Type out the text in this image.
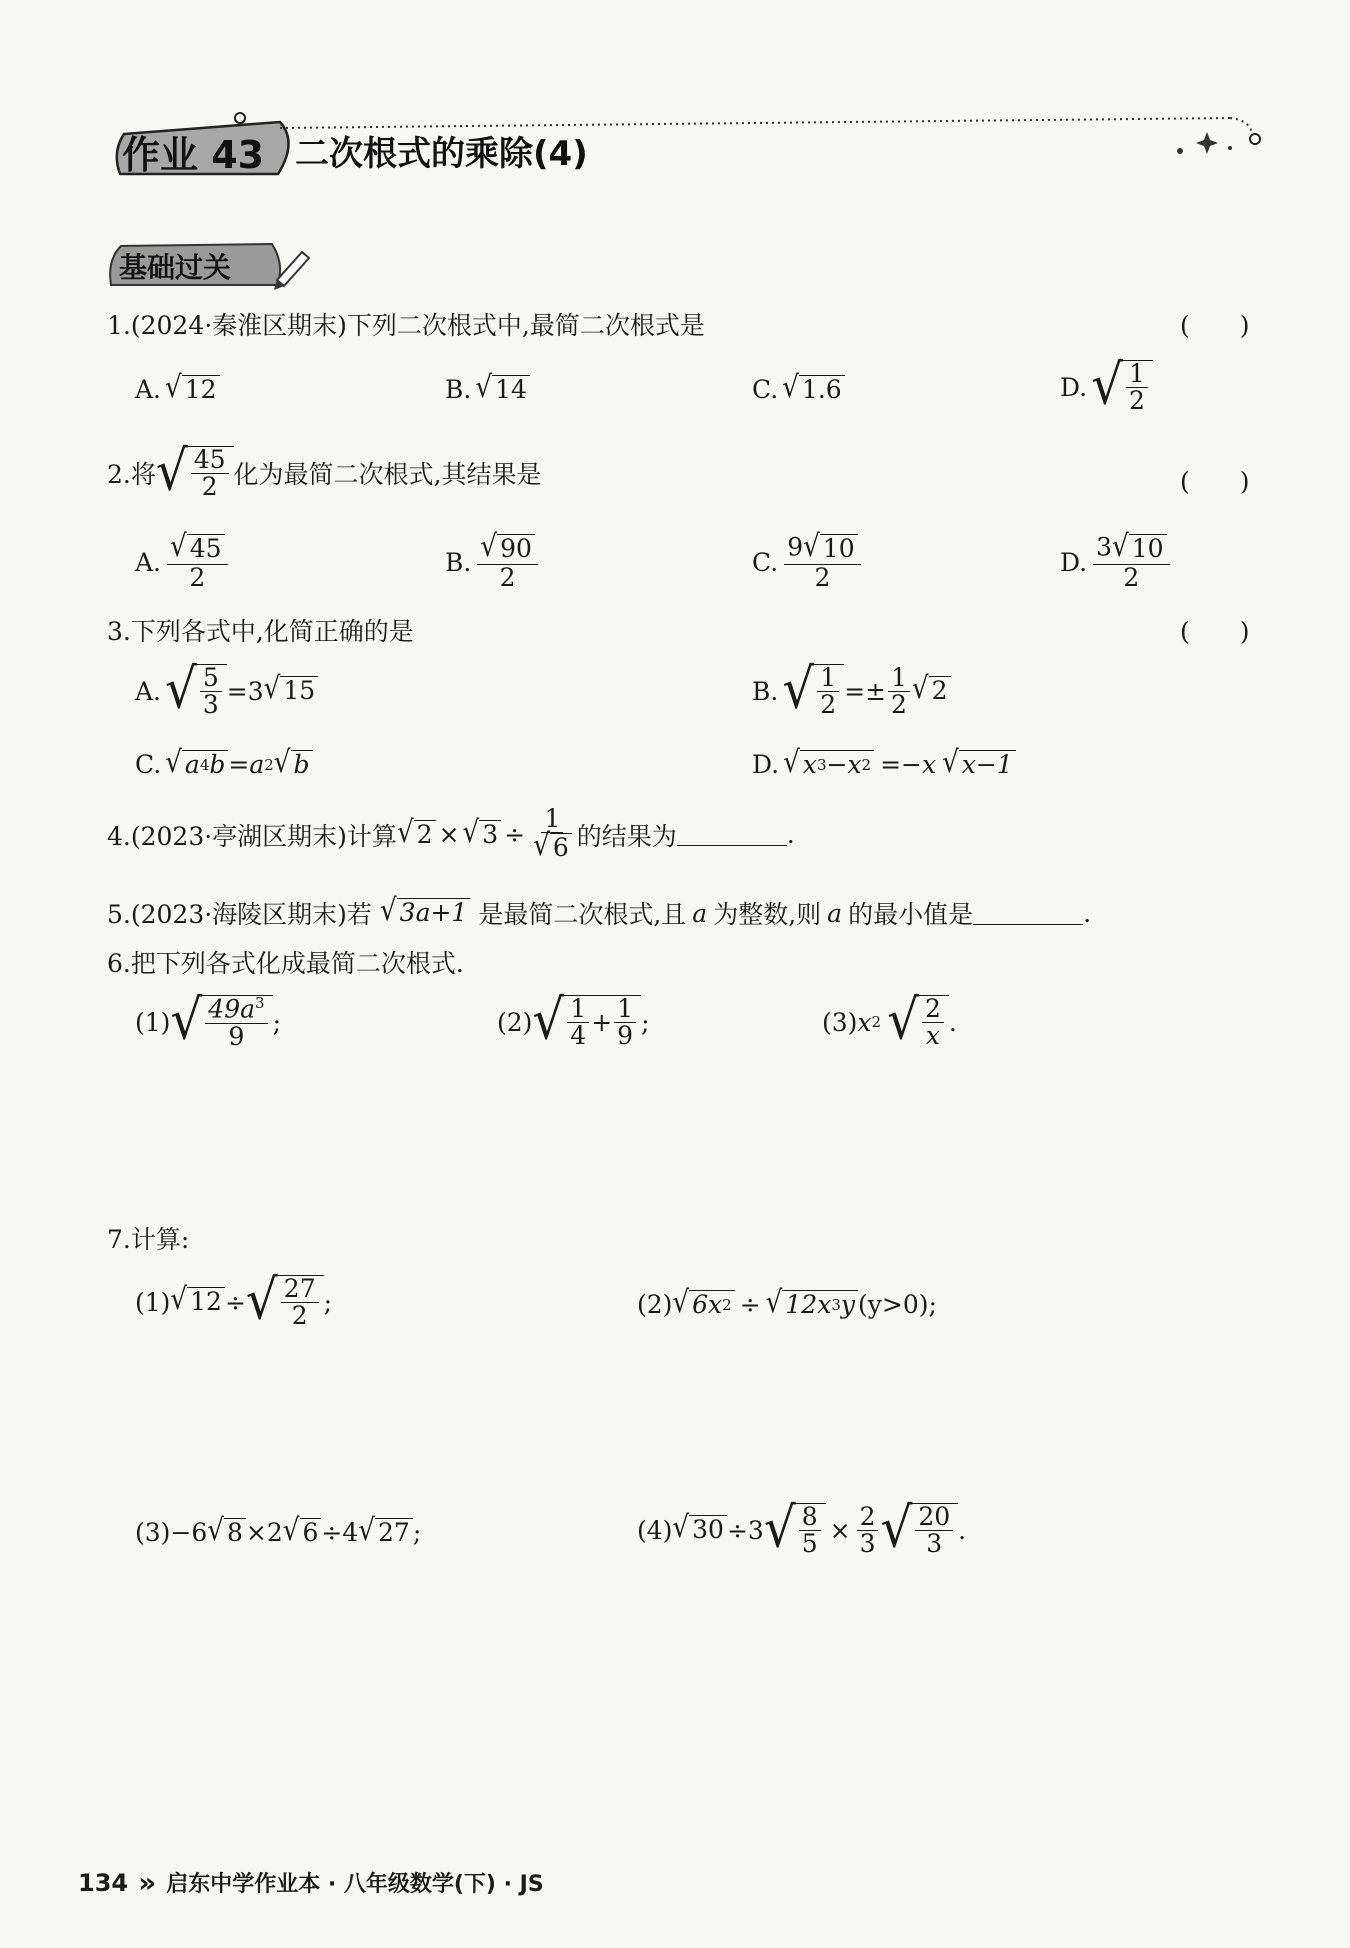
作业 43 二次根式的乘除(4)
基础过关
1.(2024·秦淮区期末)下列二次根式中,最简二次根式是	(　　)
A. √ 12	B. √ 14	C. √ 1.6	D. √ $\frac{1}{2}$
2.将 √ $\frac{45}{2}$ 化为最简二次根式,其结果是	(　　)
A. $\frac{√ 45}{2}$	B. $\frac{√ 90}{2}$	C. $\frac{9 √ 10}{2}$	D. $\frac{3 √ 10}{2}$
3.下列各式中,化简正确的是	(　　)
A. √ $\frac{5}{3} =3$ √ 15	B. √ $\frac{1}{2} =\pm \frac{1}{2}$ √ 2
C. √ a 4 b =a 2 √ b	D. √ x 3 −x 2 =−x √ x−1
4.(2023·亭湖区期末)计算 √ 2 × √ $3 \div \frac{1}{√ 6}$ 的结果为	.
5.(2023·海陵区期末)若 √ 3a+1 是最简二次根式,且 a 为整数,则 a 的最小值是	.
6.把下列各式化成最简二次根式.
(1) √ $\frac{49a^3}{9}$ ;	(2) √ $\frac{1}{4} + \frac{1}{9}$ ;	(3) x 2 √ $\frac{2}{x}$ .
7.计算:
(1) √ 12 ÷ √ $\frac{27}{2}$ ;	(2) √ 6x 2 ÷ √ 12x 3 y (y>0);
(3)−6 √ 8 ×2 √ 6 ÷4 √ 27 ;	(4) √ 30 ÷3 √ $\frac{8}{5} \times \frac{2}{3}$ √ $\frac{20}{3}$ .
134 » 启东中学作业本 · 八年级数学(下) · JS
